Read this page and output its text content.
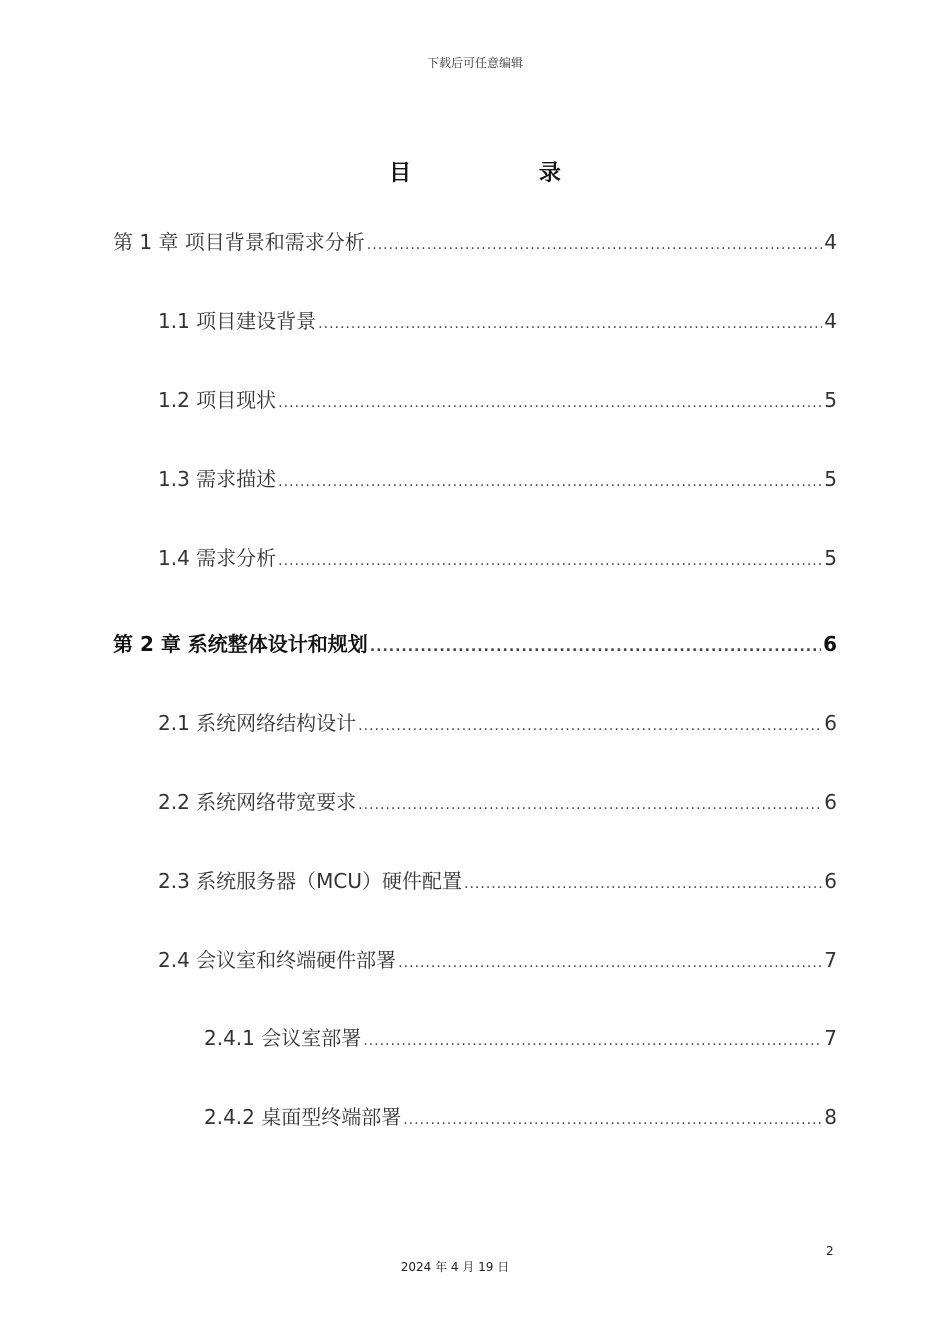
下载后可任意编辑
目 录
第 1 章 项目背景和需求分析 .....	4
1.1 项目建设背景 .....	4
1.2 项目现状 .....	5
1.3 需求描述 .....	5
1.4 需求分析 .....	5
第 2 章 系统整体设计和规划 .....	6
2.1 系统网络结构设计 .....	6
2.2 系统网络带宽要求 .....	6
2.3 系统服务器（MCU）硬件配置 .....	6
2.4 会议室和终端硬件部署 .....	7
2.4.1 会议室部署 .....	7
2.4.2 桌面型终端部署 .....	8
2
2024 年 4 月 19 日
